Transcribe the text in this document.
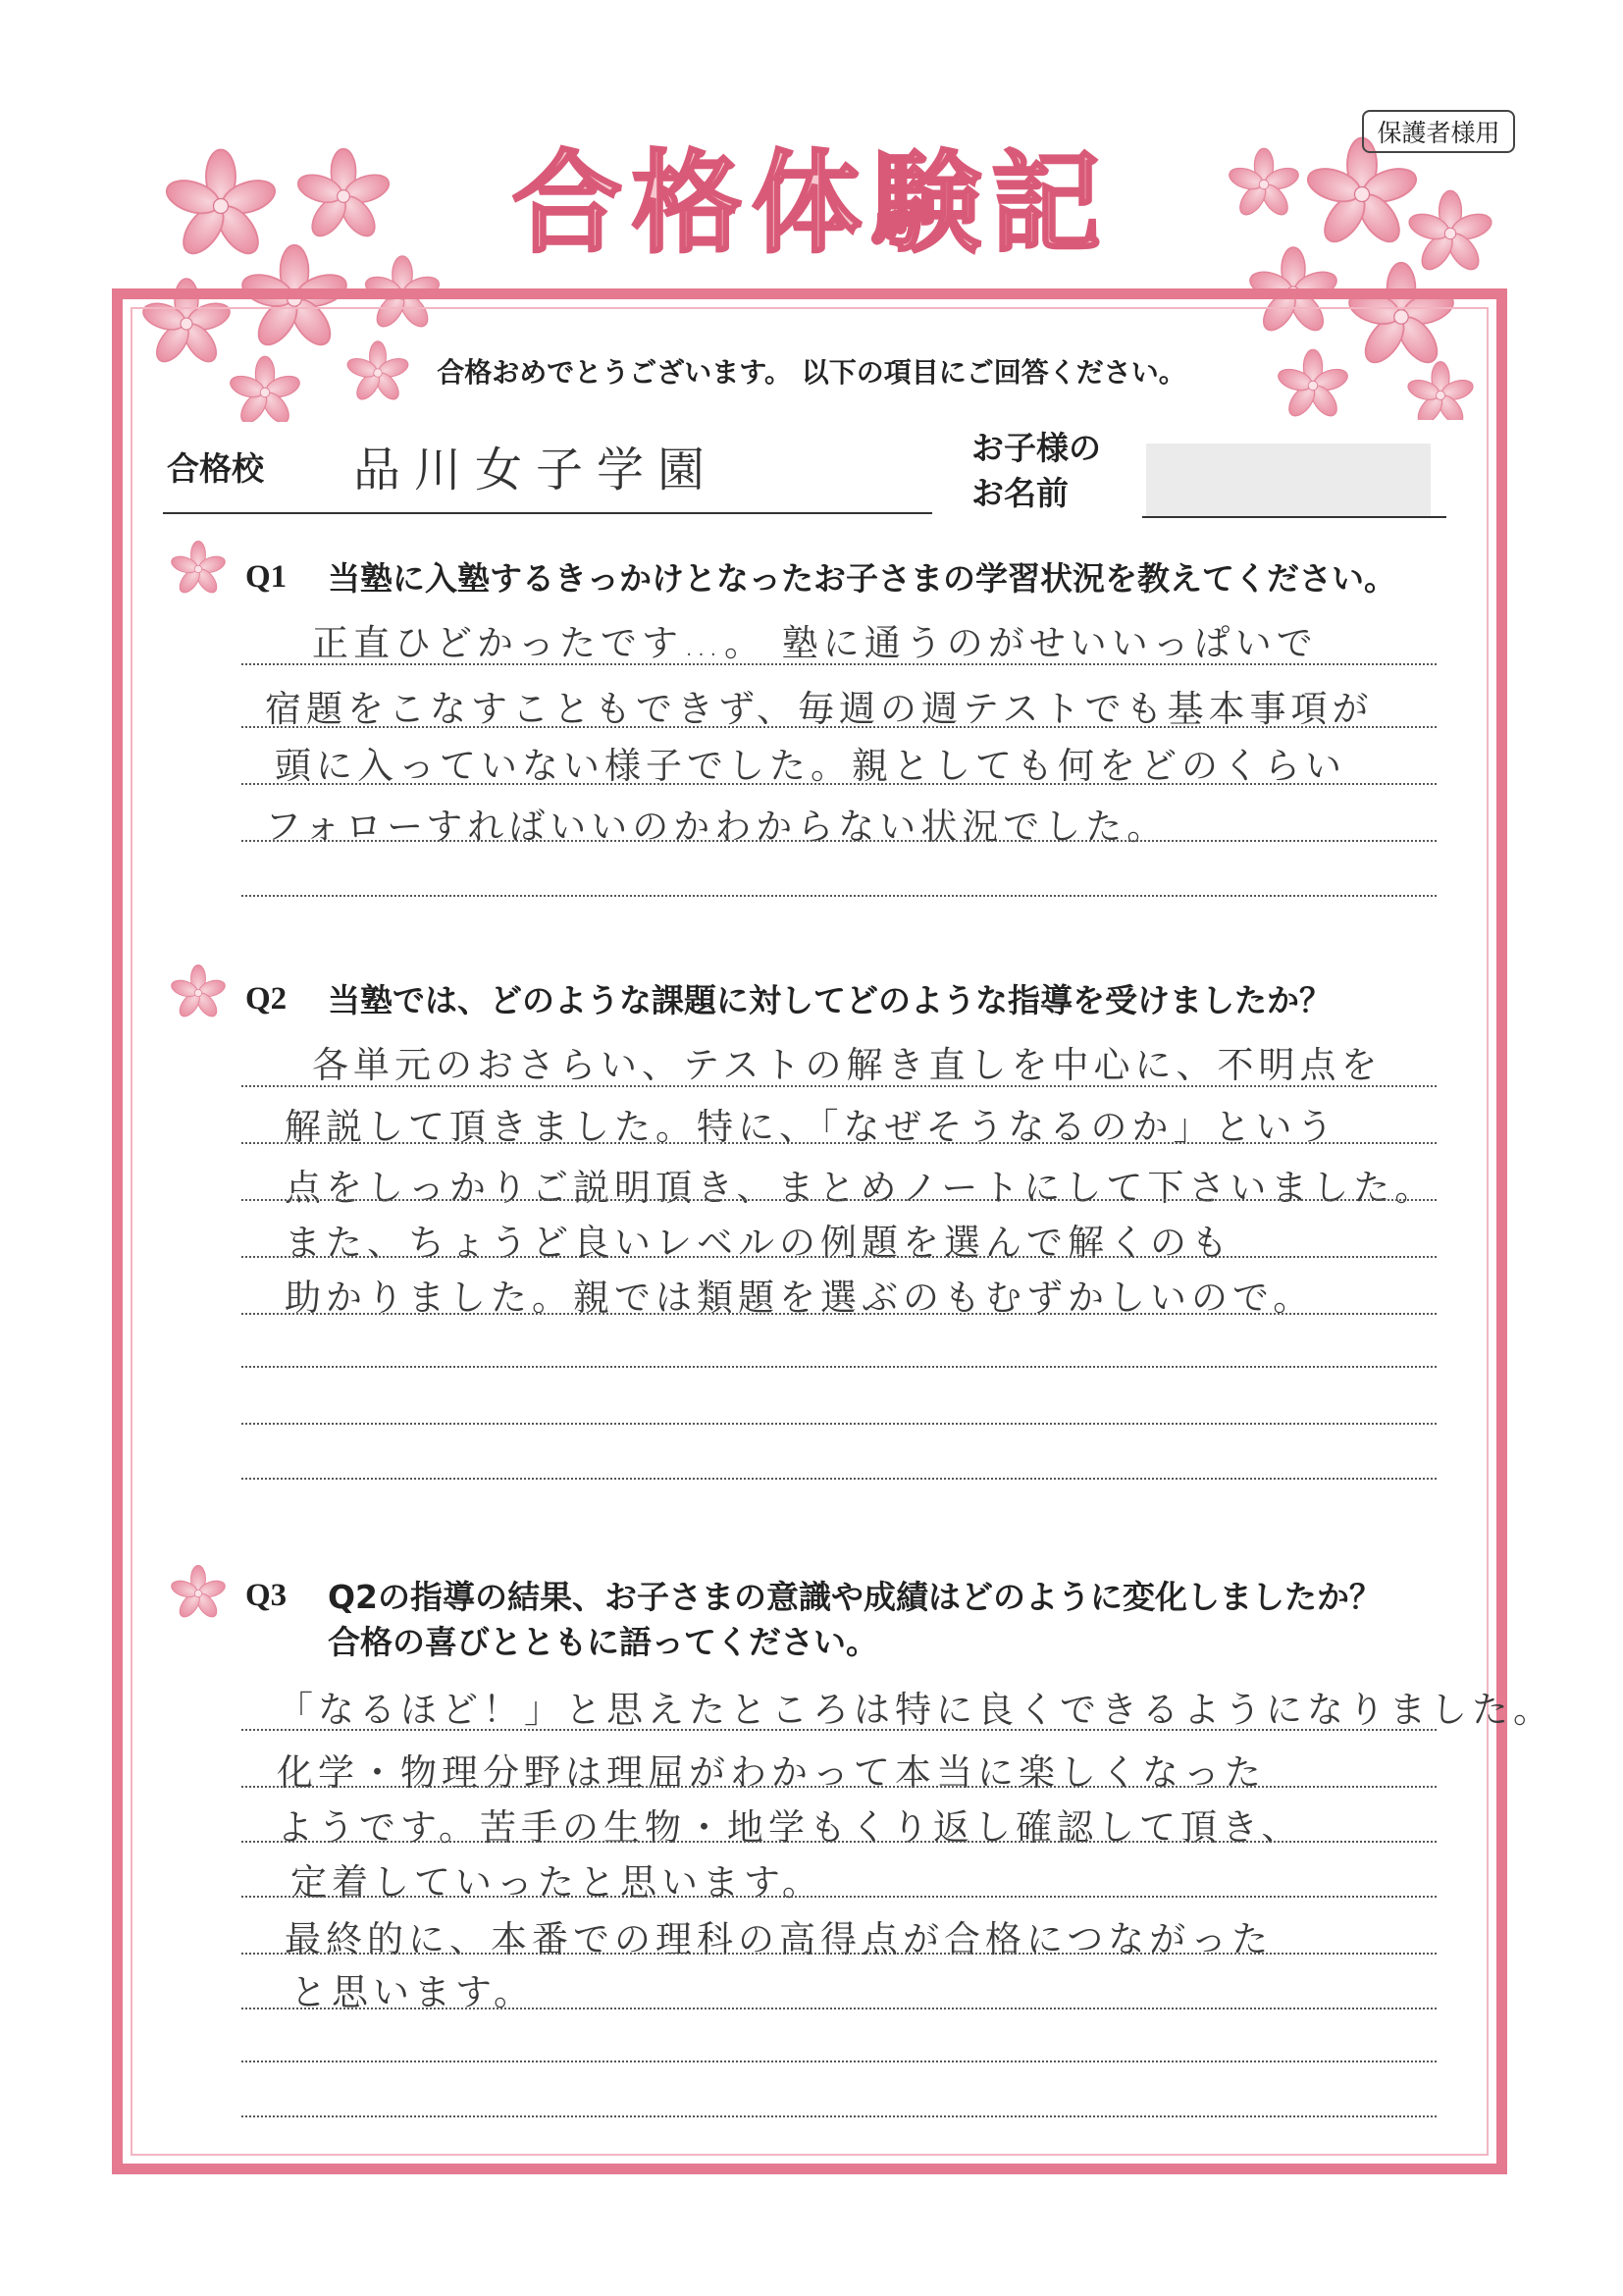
保護者様用
合格体験記
合格おめでとうございます。 以下の項目にご回答ください。
合格校 品川女子学園	お子様の
お名前
Q1 当塾に入塾するきっかけとなったお子さまの学習状況を教えてください。
正直ひどかったです…。 塾に通うのがせいいっぱいで
宿題をこなすこともできず、毎週の週テストでも基本事項が
頭に入っていない様子でした。親としても何をどのくらい
フォローすればいいのかわからない状況でした。
Q2 当塾では、どのような課題に対してどのような指導を受けましたか？
各単元のおさらい、テストの解き直しを中心に、不明点を
解説して頂きました。特に、「なぜそうなるのか」という
点をしっかりご説明頂き、まとめノートにして下さいました。
また、ちょうど良いレベルの例題を選んで解くのも
助かりました。親では類題を選ぶのもむずかしいので。
Q3 Q2の指導の結果、お子さまの意識や成績はどのように変化しましたか？
合格の喜びとともに語ってください。
「なるほど！」と思えたところは特に良くできるようになりました。
化学・物理分野は理屈がわかって本当に楽しくなった
ようです。苦手の生物・地学もくり返し確認して頂き、
定着していったと思います。
最終的に、本番での理科の高得点が合格につながった
と思います。
